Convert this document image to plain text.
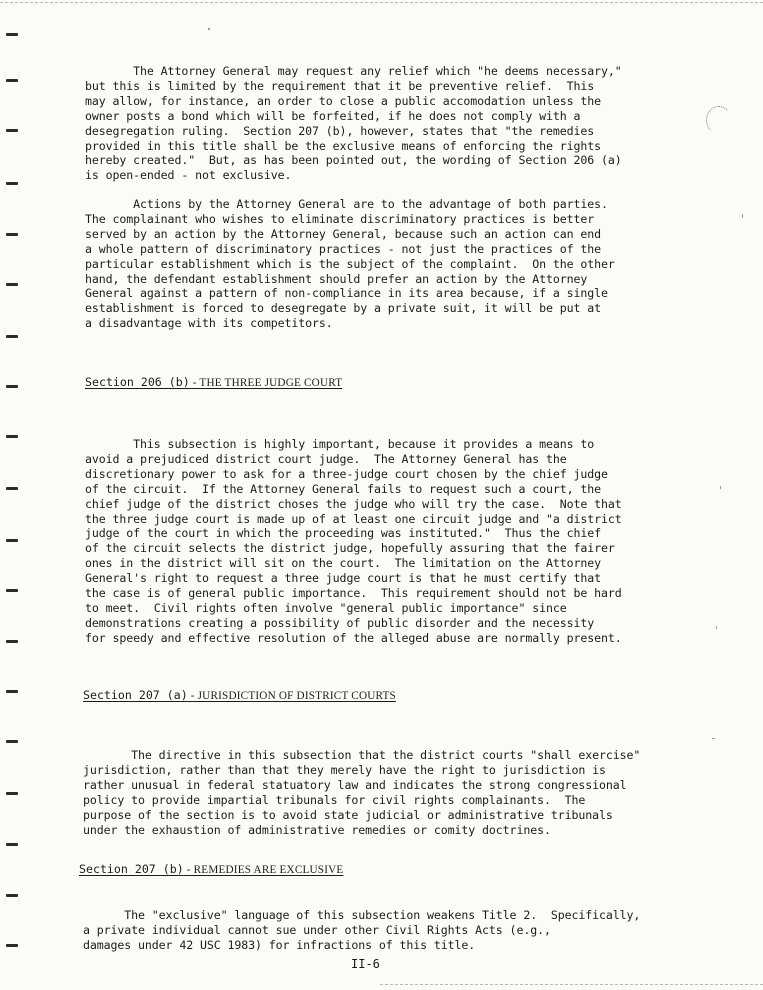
The Attorney General may request any relief which "he deems necessary,"
but this is limited by the requirement that it be preventive relief.  This
may allow, for instance, an order to close a public accomodation unless the
owner posts a bond which will be forfeited, if he does not comply with a
desegregation ruling.  Section 207 (b), however, states that "the remedies
provided in this title shall be the exclusive means of enforcing the rights
hereby created."  But, as has been pointed out, the wording of Section 206 (a)
is open-ended - not exclusive.
Actions by the Attorney General are to the advantage of both parties.
The complainant who wishes to eliminate discriminatory practices is better
served by an action by the Attorney General, because such an action can end
a whole pattern of discriminatory practices - not just the practices of the
particular establishment which is the subject of the complaint.  On the other
hand, the defendant establishment should prefer an action by the Attorney
General against a pattern of non-compliance in its area because, if a single
establishment is forced to desegregate by a private suit, it will be put at
a disadvantage with its competitors.

Section 206 (b) - THE THREE JUDGE COURT

This subsection is highly important, because it provides a means to
avoid a prejudiced district court judge.  The Attorney General has the
discretionary power to ask for a three-judge court chosen by the chief judge
of the circuit.  If the Attorney General fails to request such a court, the
chief judge of the district choses the judge who will try the case.  Note that
the three judge court is made up of at least one circuit judge and "a district
judge of the court in which the proceeding was instituted."  Thus the chief
of the circuit selects the district judge, hopefully assuring that the fairer
ones in the district will sit on the court.  The limitation on the Attorney
General's right to request a three judge court is that he must certify that
the case is of general public importance.  This requirement should not be hard
to meet.  Civil rights often involve "general public importance" since
demonstrations creating a possibility of public disorder and the necessity
for speedy and effective resolution of the alleged abuse are normally present.

Section 207 (a) - JURISDICTION OF DISTRICT COURTS

The directive in this subsection that the district courts "shall exercise"
jurisdiction, rather than that they merely have the right to jurisdiction is
rather unusual in federal statuatory law and indicates the strong congressional
policy to provide impartial tribunals for civil rights complainants.  The
purpose of the section is to avoid state judicial or administrative tribunals
under the exhaustion of administrative remedies or comity doctrines.

Section 207 (b) - REMEDIES ARE EXCLUSIVE

The "exclusive" language of this subsection weakens Title 2.  Specifically,
a private individual cannot sue under other Civil Rights Acts (e.g.,
damages under 42 USC 1983) for infractions of this title.

II-6
